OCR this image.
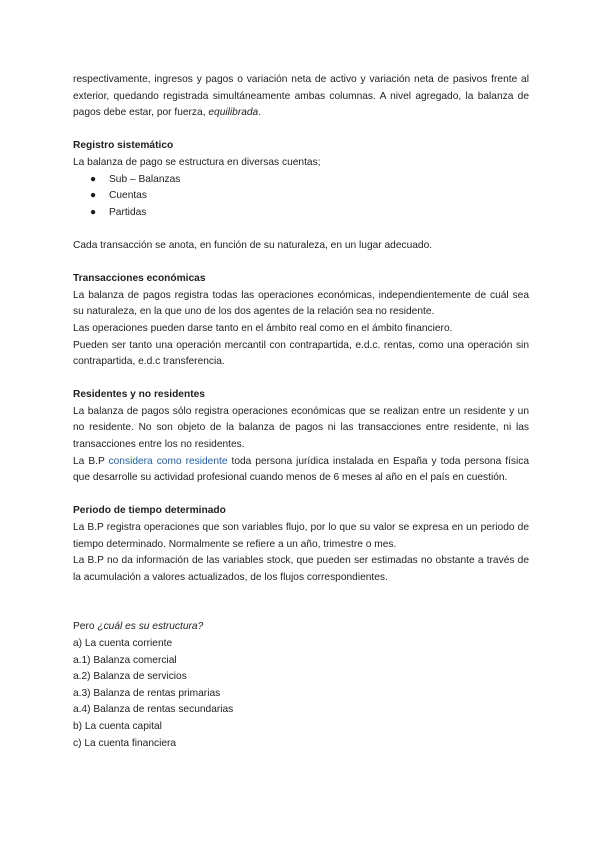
respectivamente, ingresos y pagos o variación neta de activo y variación neta de pasivos frente al exterior, quedando registrada simultáneamente ambas columnas. A nivel agregado, la balanza de pagos debe estar, por fuerza, equilibrada.

Registro sistemático

La balanza de pago se estructura en diversas cuentas;

● Sub – Balanzas
● Cuentas
● Partidas

Cada transacción se anota, en función de su naturaleza, en un lugar adecuado.

Transacciones económicas

La balanza de pagos registra todas las operaciones económicas, independientemente de cuál sea su naturaleza, en la que uno de los dos agentes de la relación sea no residente.

Las operaciones pueden darse tanto en el ámbito real como en el ámbito financiero.

Pueden ser tanto una operación mercantil con contrapartida, e.d.c. rentas, como una operación sin contrapartida, e.d.c transferencia.

Residentes y no residentes

La balanza de pagos sólo registra operaciones económicas que se realizan entre un residente y un no residente. No son objeto de la balanza de pagos ni las transacciones entre residente, ni las transacciones entre los no residentes.

La B.P considera como residente toda persona jurídica instalada en España y toda persona física que desarrolle su actividad profesional cuando menos de 6 meses al año en el país en cuestión.

Periodo de tiempo determinado

La B.P registra operaciones que son variables flujo, por lo que su valor se expresa en un periodo de tiempo determinado. Normalmente se refiere a un año, trimestre o mes.

La B.P no da información de las variables stock, que pueden ser estimadas no obstante a través de la acumulación a valores actualizados, de los flujos correspondientes.

Pero ¿cuál es su estructura?

a) La cuenta corriente

a.1) Balanza comercial

a.2) Balanza de servicios

a.3) Balanza de rentas primarias

a.4) Balanza de rentas secundarias

b) La cuenta capital

c) La cuenta financiera
